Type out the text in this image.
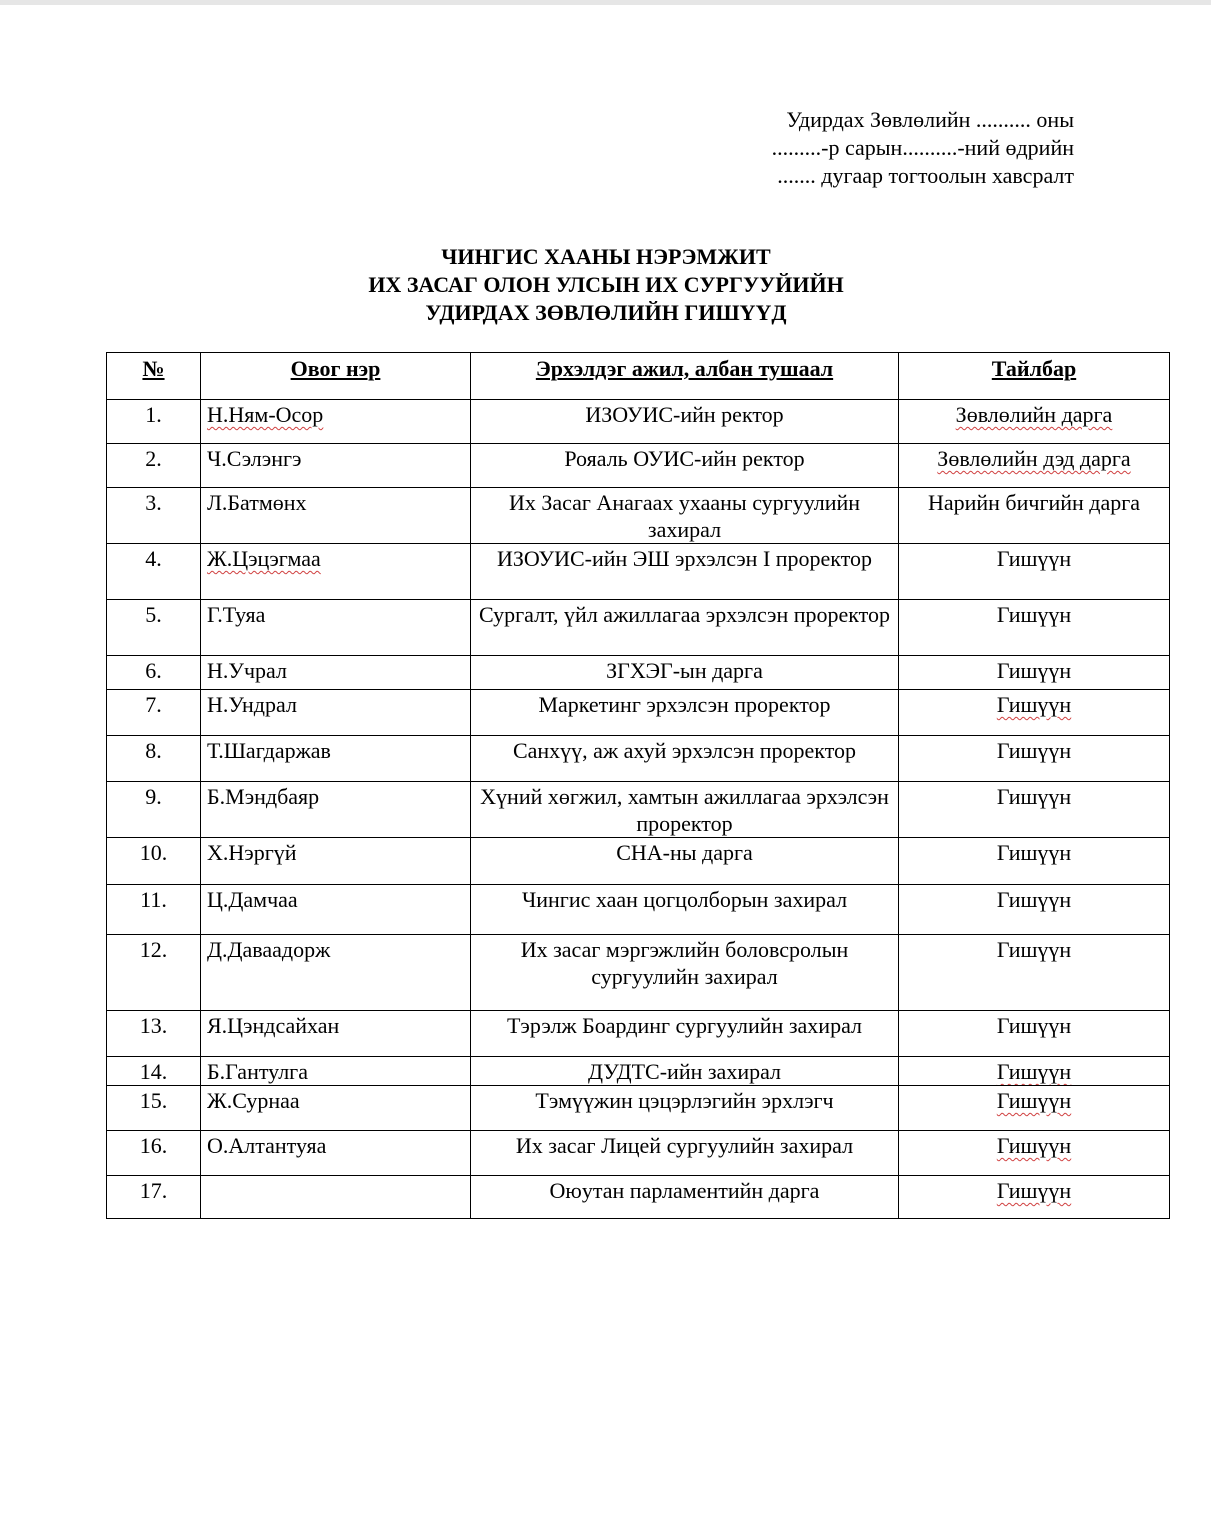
Удирдах Зөвлөлийн .......... оны
.........-р сарын..........-ний өдрийн
....... дугаар тогтоолын хавсралт
ЧИНГИС ХААНЫ НЭРЭМЖИТ
ИХ ЗАСАГ ОЛОН УЛСЫН ИХ СУРГУУЙИЙН
УДИРДАХ ЗӨВЛӨЛИЙН ГИШҮҮД
№	Овог нэр	Эрхэлдэг ажил, албан тушаал	Тайлбар
1.	Н.Ням-Осор	ИЗОУИС-ийн ректор	Зөвлөлийн дарга
2.	Ч.Сэлэнгэ	Рояаль ОУИС-ийн ректор	Зөвлөлийн дэд дарга
3.	Л.Батмөнх	Их Засаг Анагаах ухааны сургуулийн захирал	Нарийн бичгийн дарга
4.	Ж.Цэцэгмаа	ИЗОУИС-ийн ЭШ эрхэлсэн I проректор	Гишүүн
5.	Г.Туяа	Сургалт, үйл ажиллагаа эрхэлсэн проректор	Гишүүн
6.	Н.Учрал	ЗГХЭГ-ын дарга	Гишүүн
7.	Н.Ундрал	Маркетинг эрхэлсэн проректор	Гишүүн
8.	Т.Шагдаржав	Санхүү, аж ахуй эрхэлсэн проректор	Гишүүн
9.	Б.Мэндбаяр	Хүний хөгжил, хамтын ажиллагаа эрхэлсэн проректор	Гишүүн
10.	Х.Нэргүй	СНА-ны дарга	Гишүүн
11.	Ц.Дамчаа	Чингис хаан цогцолборын захирал	Гишүүн
12.	Д.Даваадорж	Их засаг мэргэжлийн боловсролын сургуулийн захирал	Гишүүн
13.	Я.Цэндсайхан	Тэрэлж Боардинг сургуулийн захирал	Гишүүн
14.	Б.Гантулга	ДУДТС-ийн захирал	Гишүүн
15.	Ж.Сурнаа	Тэмүүжин цэцэрлэгийн эрхлэгч	Гишүүн
16.	О.Алтантуяа	Их засаг Лицей сургуулийн захирал	Гишүүн
17.		Оюутан парламентийн дарга	Гишүүн
